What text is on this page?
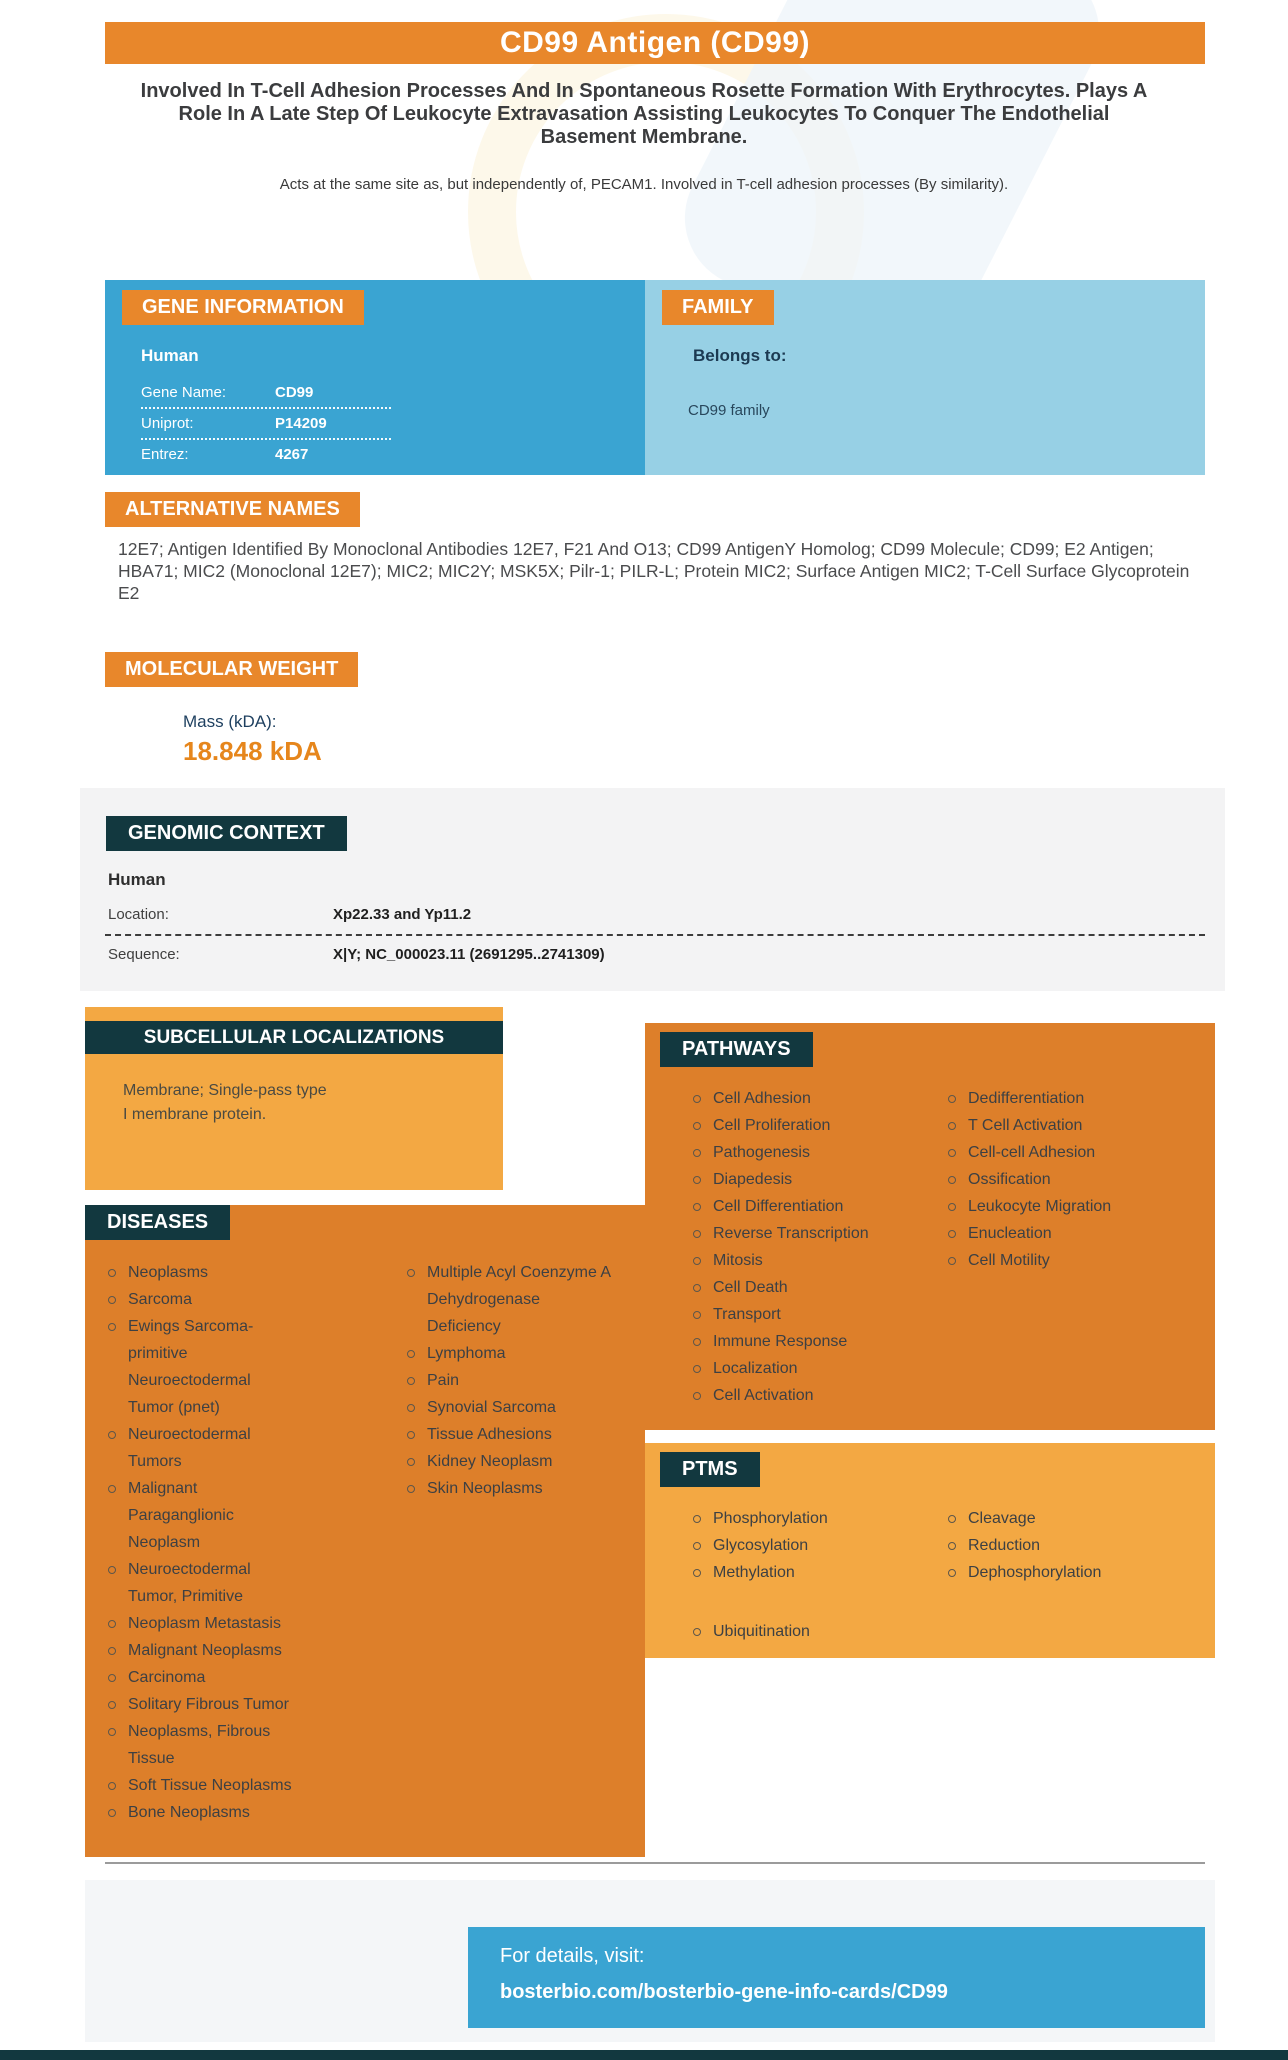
CD99 Antigen (CD99)
Involved In T-Cell Adhesion Processes And In Spontaneous Rosette Formation With Erythrocytes. Plays A Role In A Late Step Of Leukocyte Extravasation Assisting Leukocytes To Conquer The Endothelial Basement Membrane.
Acts at the same site as, but independently of, PECAM1. Involved in T-cell adhesion processes (By similarity).
GENE INFORMATION
Human
Gene Name:	CD99
Uniprot:	P14209
Entrez:	4267
FAMILY
Belongs to:
CD99 family
ALTERNATIVE NAMES
12E7; Antigen Identified By Monoclonal Antibodies 12E7, F21 And O13; CD99 AntigenY Homolog; CD99 Molecule; CD99; E2 Antigen; HBA71; MIC2 (Monoclonal 12E7); MIC2; MIC2Y; MSK5X; Pilr-1; PILR-L; Protein MIC2; Surface Antigen MIC2; T-Cell Surface Glycoprotein E2
MOLECULAR WEIGHT
Mass (kDA):
18.848 kDA
GENOMIC CONTEXT
Human
Location:	Xp22.33 and Yp11.2
Sequence:	X|Y; NC_000023.11 (2691295..2741309)
SUBCELLULAR LOCALIZATIONS
Membrane; Single-pass type I membrane protein.
DISEASES
Neoplasms
Sarcoma
Ewings Sarcoma-primitive Neuroectodermal Tumor (pnet)
Neuroectodermal Tumors
Malignant Paraganglionic Neoplasm
Neuroectodermal Tumor, Primitive
Neoplasm Metastasis
Malignant Neoplasms
Carcinoma
Solitary Fibrous Tumor
Neoplasms, Fibrous Tissue
Soft Tissue Neoplasms
Bone Neoplasms
Multiple Acyl Coenzyme A Dehydrogenase Deficiency
Lymphoma
Pain
Synovial Sarcoma
Tissue Adhesions
Kidney Neoplasm
Skin Neoplasms
PATHWAYS
Cell Adhesion
Cell Proliferation
Pathogenesis
Diapedesis
Cell Differentiation
Reverse Transcription
Mitosis
Cell Death
Transport
Immune Response
Localization
Cell Activation
Dedifferentiation
T Cell Activation
Cell-cell Adhesion
Ossification
Leukocyte Migration
Enucleation
Cell Motility
PTMS
Phosphorylation
Glycosylation
Methylation
Ubiquitination
Cleavage
Reduction
Dephosphorylation
For details, visit:
bosterbio.com/bosterbio-gene-info-cards/CD99
